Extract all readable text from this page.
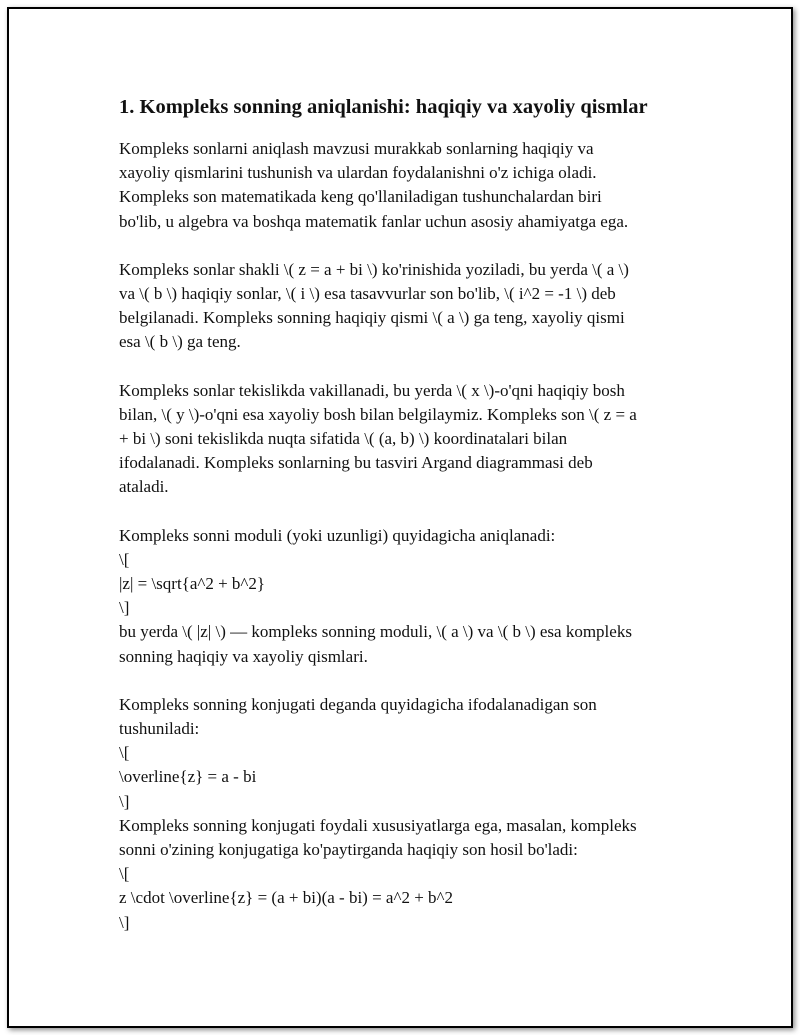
1. Kompleks sonning aniqlanishi: haqiqiy va xayoliy qismlar

Kompleks sonlarni aniqlash mavzusi murakkab sonlarning haqiqiy va
xayoliy qismlarini tushunish va ulardan foydalanishni o'z ichiga oladi.
Kompleks son matematikada keng qo'llaniladigan tushunchalardan biri
bo'lib, u algebra va boshqa matematik fanlar uchun asosiy ahamiyatga ega.

Kompleks sonlar shakli \( z = a + bi \) ko'rinishida yoziladi, bu yerda \( a \)
va \( b \) haqiqiy sonlar, \( i \) esa tasavvurlar son bo'lib, \( i^2 = -1 \) deb
belgilanadi. Kompleks sonning haqiqiy qismi \( a \) ga teng, xayoliy qismi
esa \( b \) ga teng.

Kompleks sonlar tekislikda vakillanadi, bu yerda \( x \)-o'qni haqiqiy bosh
bilan, \( y \)-o'qni esa xayoliy bosh bilan belgilaymiz. Kompleks son \( z = a
+ bi \) soni tekislikda nuqta sifatida \( (a, b) \) koordinatalari bilan
ifodalanadi. Kompleks sonlarning bu tasviri Argand diagrammasi deb
ataladi.

Kompleks sonni moduli (yoki uzunligi) quyidagicha aniqlanadi:
\[
|z| = \sqrt{a^2 + b^2}
\]
bu yerda \( |z| \) — kompleks sonning moduli, \( a \) va \( b \) esa kompleks
sonning haqiqiy va xayoliy qismlari.

Kompleks sonning konjugati deganda quyidagicha ifodalanadigan son
tushuniladi:
\[
\overline{z} = a - bi
\]
Kompleks sonning konjugati foydali xususiyatlarga ega, masalan, kompleks
sonni o'zining konjugatiga ko'paytirganda haqiqiy son hosil bo'ladi:
\[
z \cdot \overline{z} = (a + bi)(a - bi) = a^2 + b^2
\]
